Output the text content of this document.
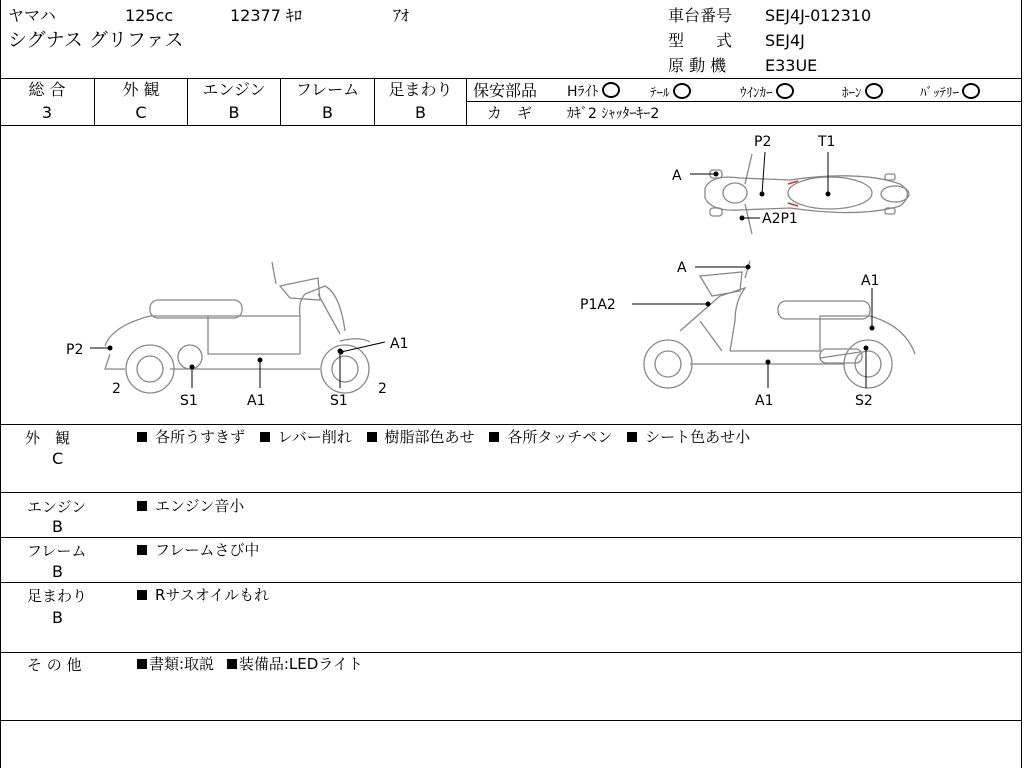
ヤマハ	125cc	12377 ｷﾛ	ｱｵ
シグナス グリファス
車台番号 SEJ4J-012310
型　　式 SEJ4J
原 動 機 E33UE
総 合	外 観	エンジン	フレーム	足まわり
3	C	B	B	B
保安部品 Hﾗｲﾄ	ﾃｰﾙ	ｳｲﾝｶｰ	ﾎｰﾝ	ﾊﾞｯﾃﾘｰ
カ　ギ ｶｷﾞ2 ｼｬｯﾀｰｷｰ2
P2	T1
A
A2P1
P2	A1
2
S1	A1	S1
2
A
A1
P1A2
A1	S2
外　観
C
各所うすきず レバー削れ 樹脂部色あせ 各所タッチペン シート色あせ小
エンジン
B
エンジン音小
フレーム
B
フレームさび中
足まわり
B
Rサスオイルもれ
そ の 他	書類:取説 装備品:LEDライト
